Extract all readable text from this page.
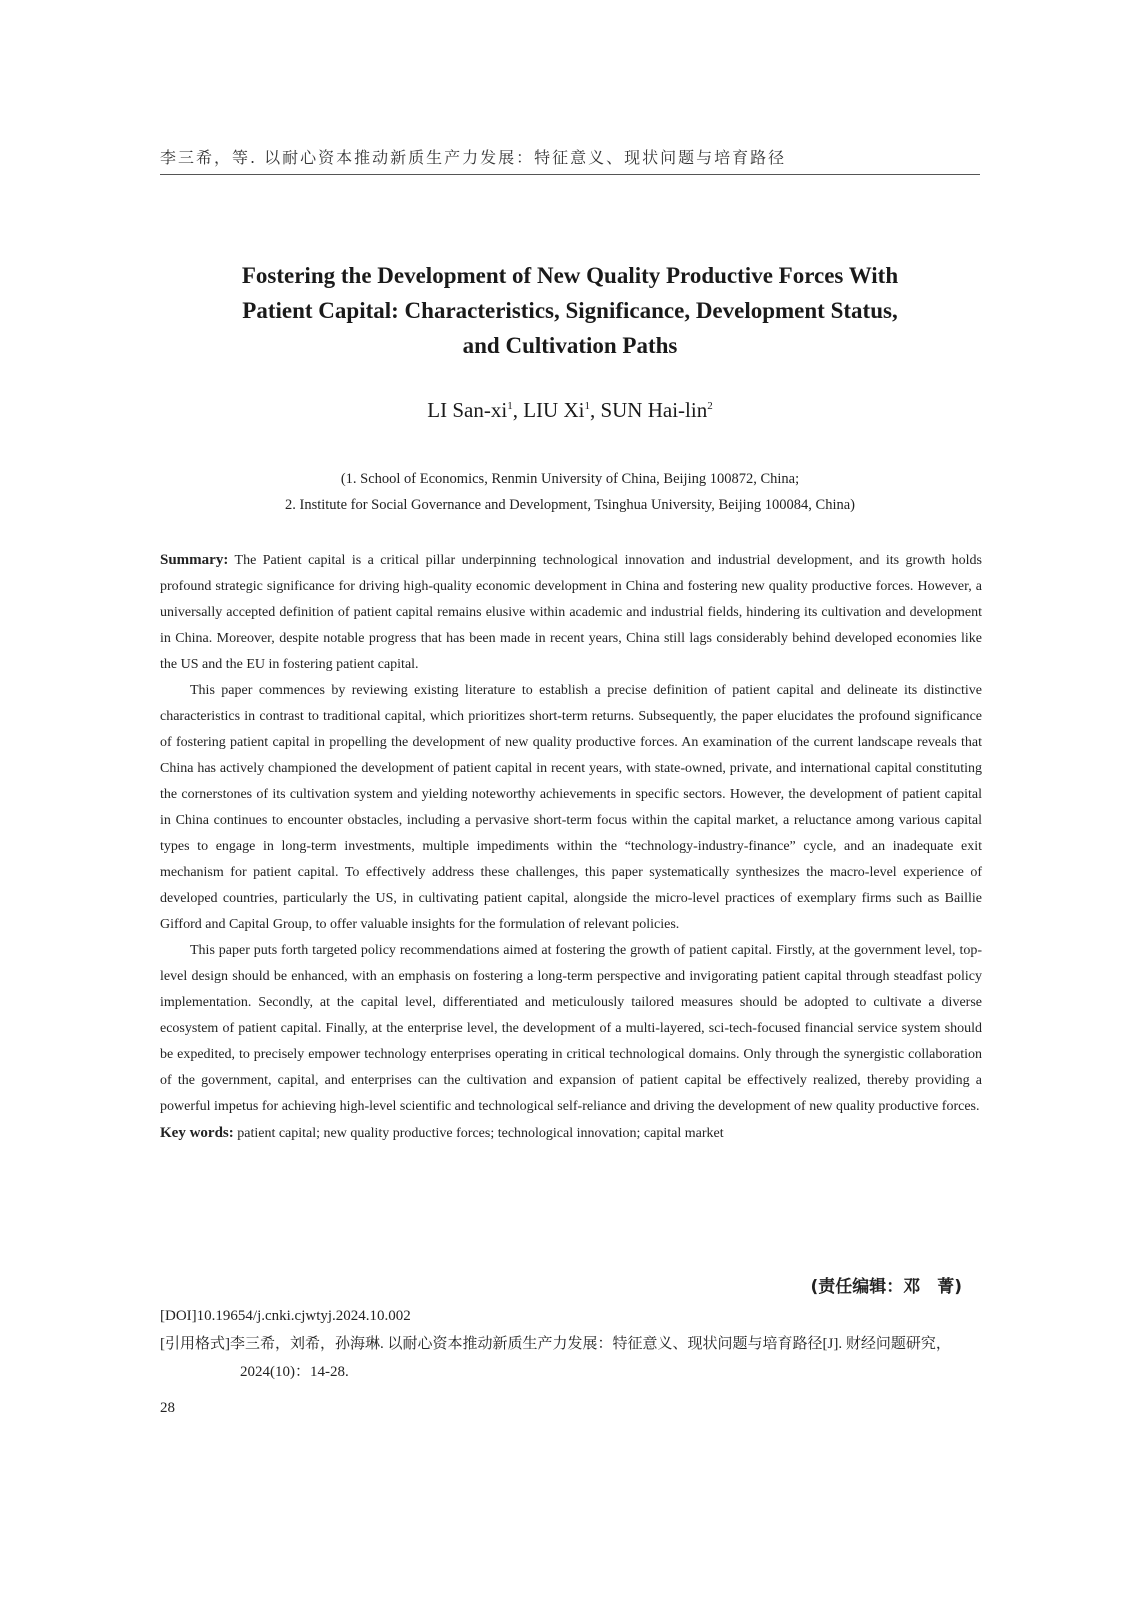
李三希，等. 以耐心资本推动新质生产力发展：特征意义、现状问题与培育路径
Fostering the Development of New Quality Productive Forces With
Patient Capital: Characteristics, Significance, Development Status,
and Cultivation Paths
LI San-$xi^1$, LIU Xi$^1$, SUN Hai-lin$^2$
(1. School of Economics, Renmin University of China, Beijing 100872, China;
2. Institute for Social Governance and Development, Tsinghua University, Beijing 100084, China)

Summary: The Patient capital is a critical pillar underpinning technological innovation and industrial development, and its growth holds profound strategic significance for driving high-quality economic development in China and fostering new quality productive forces. However, a universally accepted definition of patient capital remains elusive within academic and industrial fields, hindering its cultivation and development in China. Moreover, despite notable progress that has been made in recent years, China still lags considerably behind developed economies like the US and the EU in fostering patient capital.

This paper commences by reviewing existing literature to establish a precise definition of patient capital and delineate its distinctive characteristics in contrast to traditional capital, which prioritizes short-term returns. Subsequently, the paper elucidates the profound significance of fostering patient capital in propelling the development of new quality productive forces. An examination of the current landscape reveals that China has actively championed the development of patient capital in recent years, with state-owned, private, and international capital constituting the cornerstones of its cultivation system and yielding noteworthy achievements in specific sectors. However, the development of patient capital in China continues to encounter obstacles, including a pervasive short-term focus within the capital market, a reluctance among various capital types to engage in long-term investments, multiple impediments within the “technology-industry-finance” cycle, and an inadequate exit mechanism for patient capital. To effectively address these challenges, this paper systematically synthesizes the macro-level experience of developed countries, particularly the US, in cultivating patient capital, alongside the micro-level practices of exemplary firms such as Baillie Gifford and Capital Group, to offer valuable insights for the formulation of relevant policies.

This paper puts forth targeted policy recommendations aimed at fostering the growth of patient capital. Firstly, at the government level, top-level design should be enhanced, with an emphasis on fostering a long-term perspective and invigorating patient capital through steadfast policy implementation. Secondly, at the capital level, differentiated and meticulously tailored measures should be adopted to cultivate a diverse ecosystem of patient capital. Finally, at the enterprise level, the development of a multi-layered, sci-tech-focused financial service system should be expedited, to precisely empower technology enterprises operating in critical technological domains. Only through the synergistic collaboration of the government, capital, and enterprises can the cultivation and expansion of patient capital be effectively realized, thereby providing a powerful impetus for achieving high-level scientific and technological self-reliance and driving the development of new quality productive forces.

Key words: patient capital; new quality productive forces; technological innovation; capital market

(责任编辑：邓　菁)
[DOI]10.19654/j.cnki.cjwtyj.2024.10.002
[引用格式]李三希，刘希，孙海琳. 以耐心资本推动新质生产力发展：特征意义、现状问题与培育路径[J]. 财经问题研究，2024(10)：14-28.
28
